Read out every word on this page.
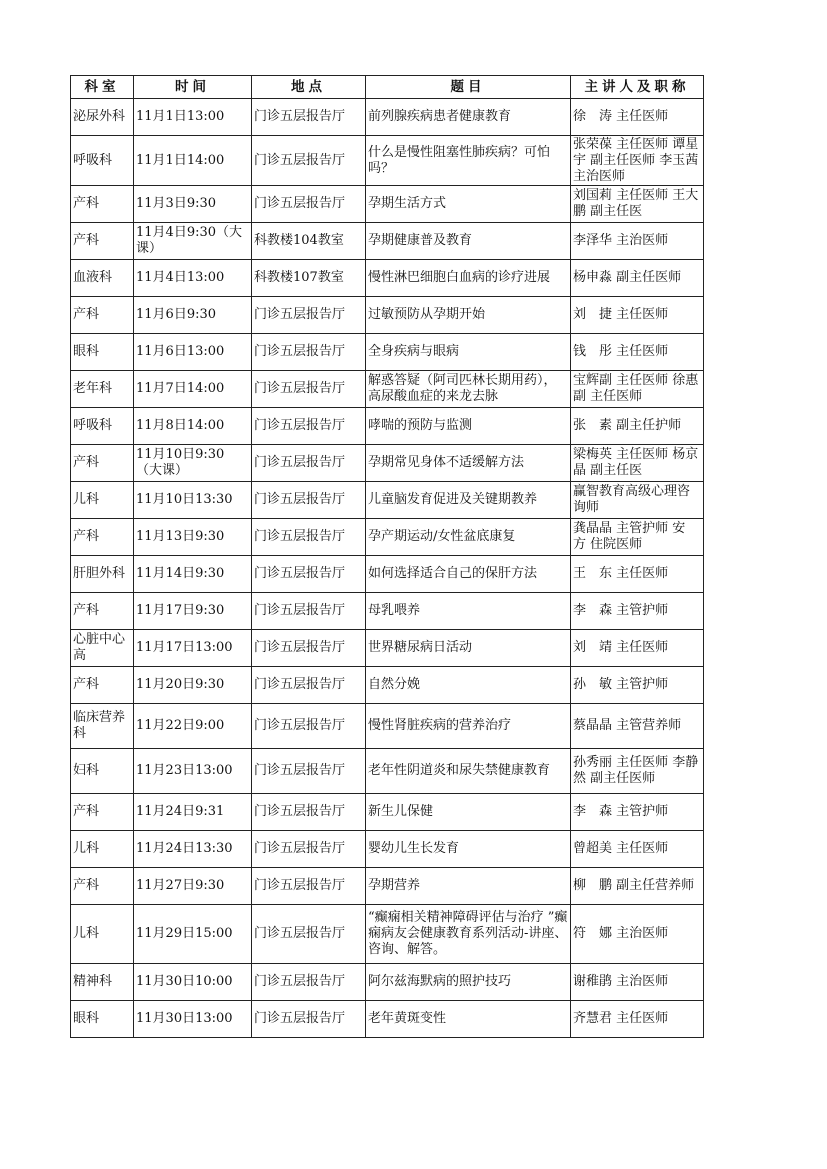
科室	时间	地点	题目	主讲人及职称

泌尿外科	11月1日13:00	门诊五层报告厅	前列腺疾病患者健康教育	徐　涛 主任医师

呼吸科	11月1日14:00	门诊五层报告厅	什么是慢性阻塞性肺疾病？可怕吗？	张荣葆 主任医师 谭星宇 副主任医师 李玉茜 主治医师

产科	11月3日9:30	门诊五层报告厅	孕期生活方式	刘国莉 主任医师 王大鹏 副主任医

产科	11月4日9:30（大课）	科教楼104教室	孕期健康普及教育	李泽华 主治医师

血液科	11月4日13:00	科教楼107教室	慢性淋巴细胞白血病的诊疗进展	杨申淼 副主任医师

产科	11月6日9:30	门诊五层报告厅	过敏预防从孕期开始	刘　捷 主任医师

眼科	11月6日13:00	门诊五层报告厅	全身疾病与眼病	钱　彤 主任医师

老年科	11月7日14:00	门诊五层报告厅	解惑答疑（阿司匹林长期用药），高尿酸血症的来龙去脉	宝辉副 主任医师 徐惠副 主任医师

呼吸科	11月8日14:00	门诊五层报告厅	哮喘的预防与监测	张　素 副主任护师

产科	11月10日9:30（大课）	门诊五层报告厅	孕期常见身体不适缓解方法	梁梅英 主任医师 杨京晶 副主任医

儿科	11月10日13:30	门诊五层报告厅	儿童脑发育促进及关键期教养	赢智教育高级心理咨询师

产科	11月13日9:30	门诊五层报告厅	孕产期运动/女性盆底康复	龚晶晶 主管护师 安　方 住院医师

肝胆外科	11月14日9:30	门诊五层报告厅	如何选择适合自己的保肝方法	王　东 主任医师

产科	11月17日9:30	门诊五层报告厅	母乳喂养	李　森 主管护师

心脏中心　　高	11月17日13:00	门诊五层报告厅	世界糖尿病日活动	刘　靖 主任医师

产科	11月20日9:30	门诊五层报告厅	自然分娩	孙　敏 主管护师

临床营养科	11月22日9:00	门诊五层报告厅	慢性肾脏疾病的营养治疗	蔡晶晶 主管营养师

妇科	11月23日13:00	门诊五层报告厅	老年性阴道炎和尿失禁健康教育	孙秀丽 主任医师 李静然 副主任医师

产科	11月24日9:31	门诊五层报告厅	新生儿保健	李　森 主管护师

儿科	11月24日13:30	门诊五层报告厅	婴幼儿生长发育	曾超美 主任医师

产科	11月27日9:30	门诊五层报告厅	孕期营养	柳　鹏 副主任营养师

儿科	11月29日15:00	门诊五层报告厅	“癫痫相关精神障碍评估与治疗 ”癫痫病友会健康教育系列活动-讲座、咨询、解答。	符　娜 主治医师

精神科	11月30日10:00	门诊五层报告厅	阿尔兹海默病的照护技巧	谢稚鹃 主治医师

眼科	11月30日13:00	门诊五层报告厅	老年黄斑变性	齐慧君 主任医师
